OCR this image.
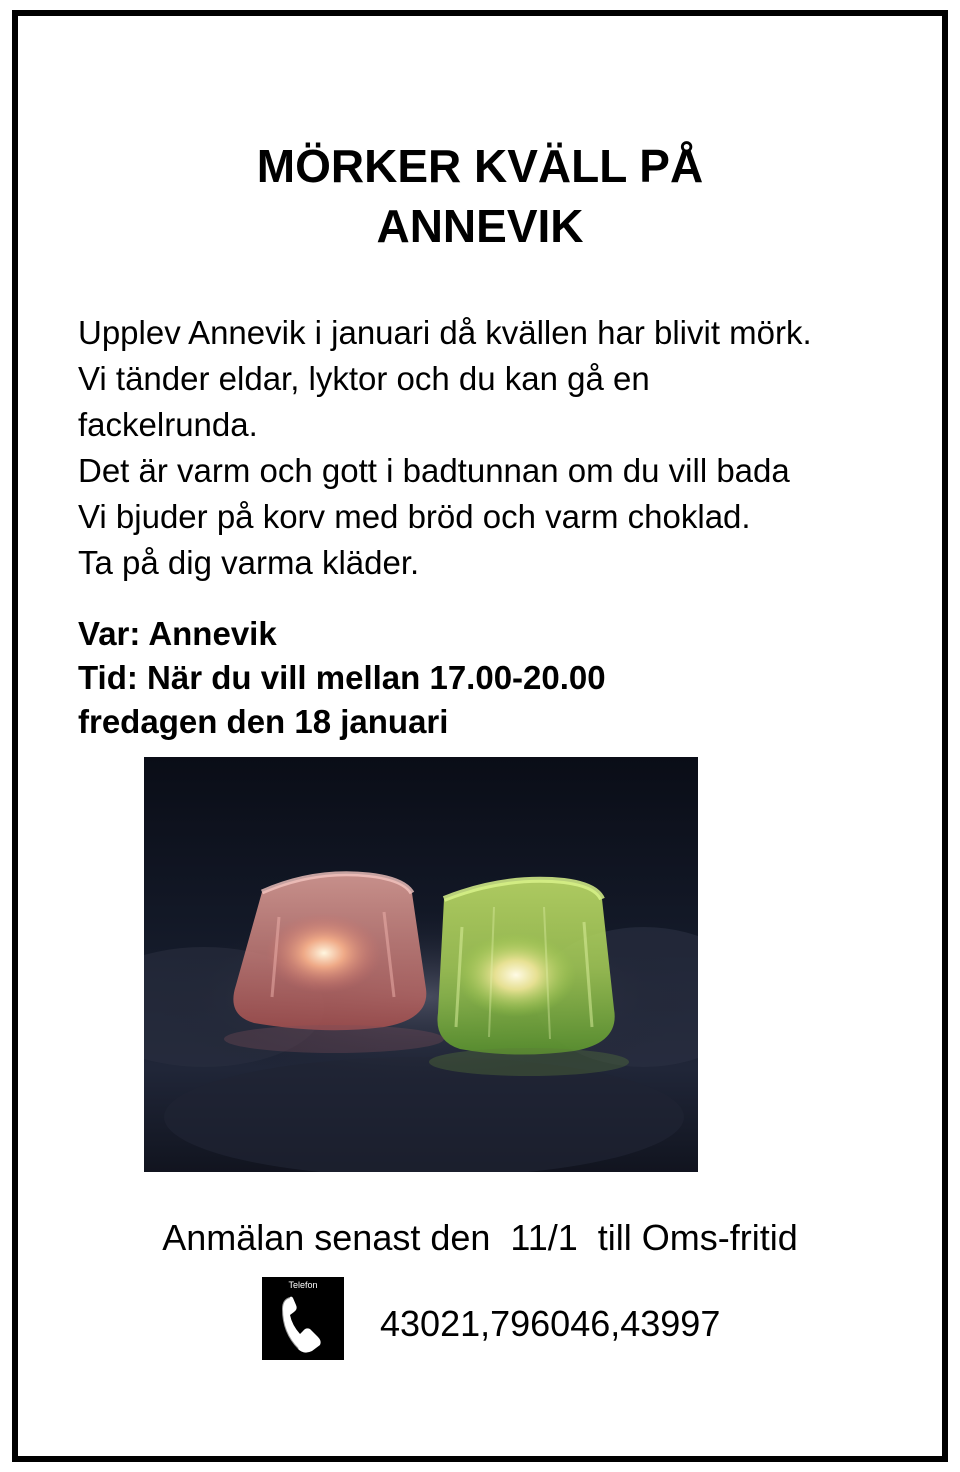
MÖRKER KVÄLL PÅ
ANNEVIK
Upplev Annevik i januari då kvällen har blivit mörk.
Vi tänder eldar, lyktor och du kan gå en
fackelrunda.
Det är varm och gott i badtunnan om du vill bada
Vi bjuder på korv med bröd och varm choklad.
Ta på dig varma kläder.
Var: Annevik
Tid: När du vill mellan 17.00-20.00
fredagen den 18 januari
Anmälan senast den  11/1  till Oms-fritid
Telefon
43021,796046,43997
